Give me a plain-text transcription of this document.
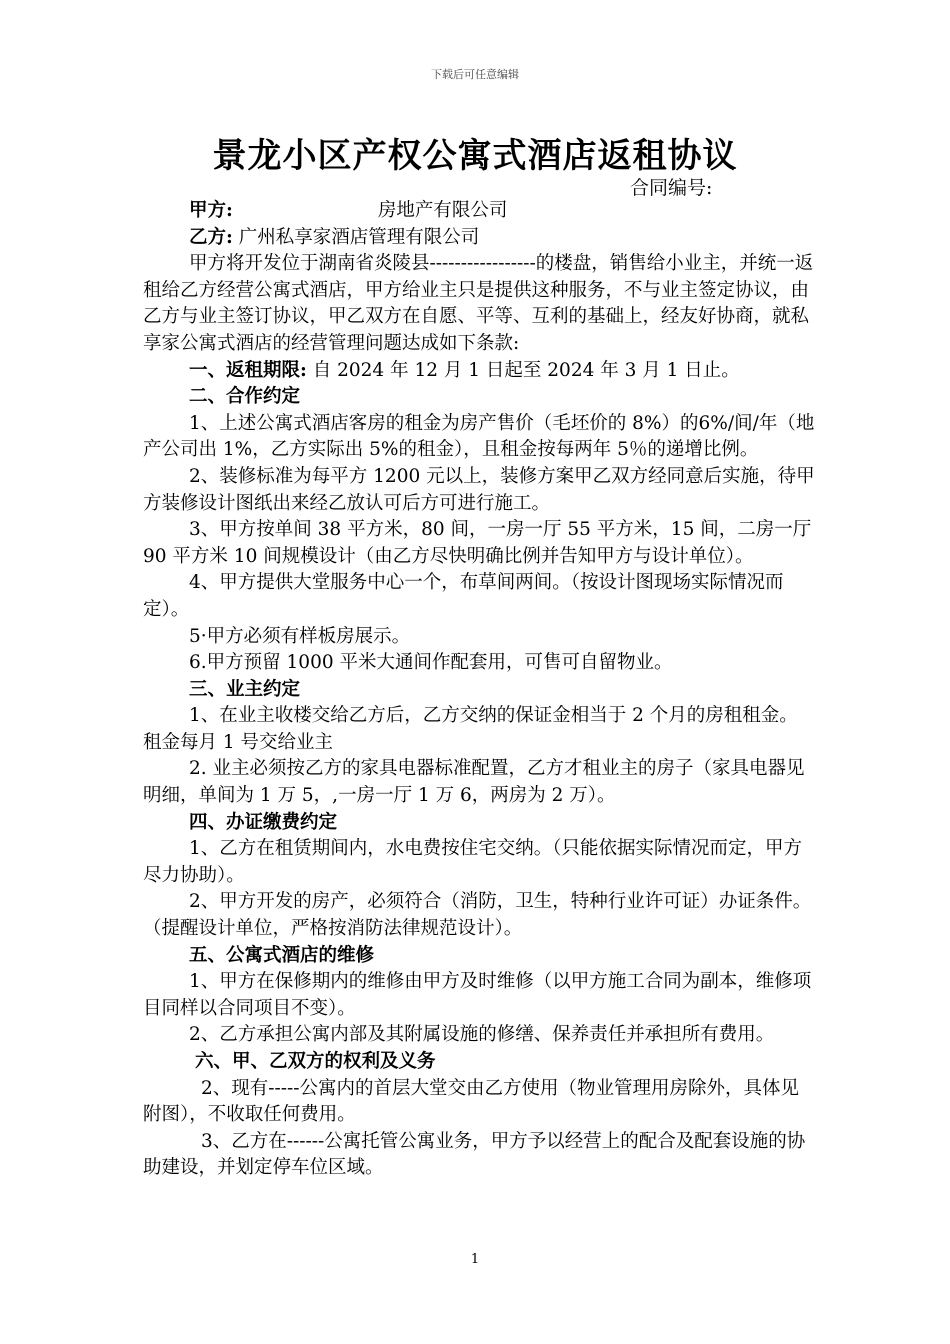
下载后可任意编辑
景龙小区产权公寓式酒店返租协议
合同编号:

甲方:	房地产有限公司

乙方: 广州私享家酒店管理有限公司

甲方将开发位于湖南省炎陵县-----------------的楼盘，销售给小业主，并统一返租给乙方经营公寓式酒店，甲方给业主只是提供这种服务，不与业主签定协议，由乙方与业主签订协议，甲乙双方在自愿、平等、互利的基础上，经友好协商，就私享家公寓式酒店的经营管理问题达成如下条款:

一、返租期限: 自 2024 年 12 月 1 日起至 2024 年 3 月 1 日止。

二、合作约定

1、上述公寓式酒店客房的租金为房产售价（毛坯价的 8%）的6%/间/年（地产公司出 1%，乙方实际出 5%的租金），且租金按每两年 5％的递增比例。

2、装修标准为每平方 1200 元以上，装修方案甲乙双方经同意后实施，待甲方装修设计图纸出来经乙放认可后方可进行施工。

3、甲方按单间 38 平方米，80 间，一房一厅 55 平方米，15 间，二房一厅 90 平方米 10 间规模设计（由乙方尽快明确比例并告知甲方与设计单位）。

4、甲方提供大堂服务中心一个，布草间两间。（按设计图现场实际情况而定）。

5·甲方必须有样板房展示。

6.甲方预留 1000 平米大通间作配套用，可售可自留物业。

三、业主约定

1、在业主收楼交给乙方后，乙方交纳的保证金相当于 2 个月的房租租金。租金每月 1 号交给业主

2. 业主必须按乙方的家具电器标准配置，乙方才租业主的房子（家具电器见明细，单间为 1 万 5，,一房一厅 1 万 6，两房为 2 万）。

四、办证缴费约定

1、乙方在租赁期间内，水电费按住宅交纳。（只能依据实际情况而定，甲方尽力协助）。

2、甲方开发的房产，必须符合（消防，卫生，特种行业许可证）办证条件。（提醒设计单位，严格按消防法律规范设计）。

五、公寓式酒店的维修

1、甲方在保修期内的维修由甲方及时维修（以甲方施工合同为副本，维修项目同样以合同项目不变）。

2、乙方承担公寓内部及其附属设施的修缮、保养责任并承担所有费用。

六、甲、乙双方的权利及义务

2、现有-----公寓内的首层大堂交由乙方使用（物业管理用房除外，具体见附图），不收取任何费用。

3、乙方在------公寓托管公寓业务，甲方予以经营上的配合及配套设施的协助建设，并划定停车位区域。

1
